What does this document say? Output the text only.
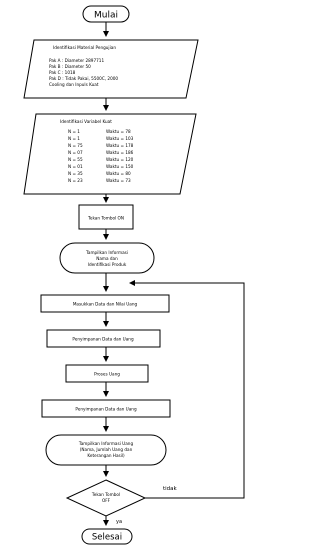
Mulai
Identifikasi Material Pengujian
Pak A : Diameter 2897711
Pak B : Diameter 50
Pak C : 1018
Pak D : Tidak Pakai, 5500C, 2000
Cooling dan Inpuls Kuat
Identifikasi Variabel Kuat
N = 1	Waktu = 78
N = 1	Waktu = 103
N = 75	Waktu = 178
N = 07	Waktu = 186
N = 55	Waktu = 120
N = 01	Waktu = 150
N = 35	Waktu = 80
N = 23	Waktu = 73
Tekan Tombol ON
Tampilkan Informasi
Nama dan
Identifikasi Produk
Masukkan Data dan Nilai Uang
Penyimpanan Data dan Uang
Proses Uang
Penyimpanan Data dan Uang
Tampilkan Informasi Uang
(Nama, Jumlah Uang dan
Keterangan Hasil)
Tekan Tombol
OFF
tidak
ya
Selesai
